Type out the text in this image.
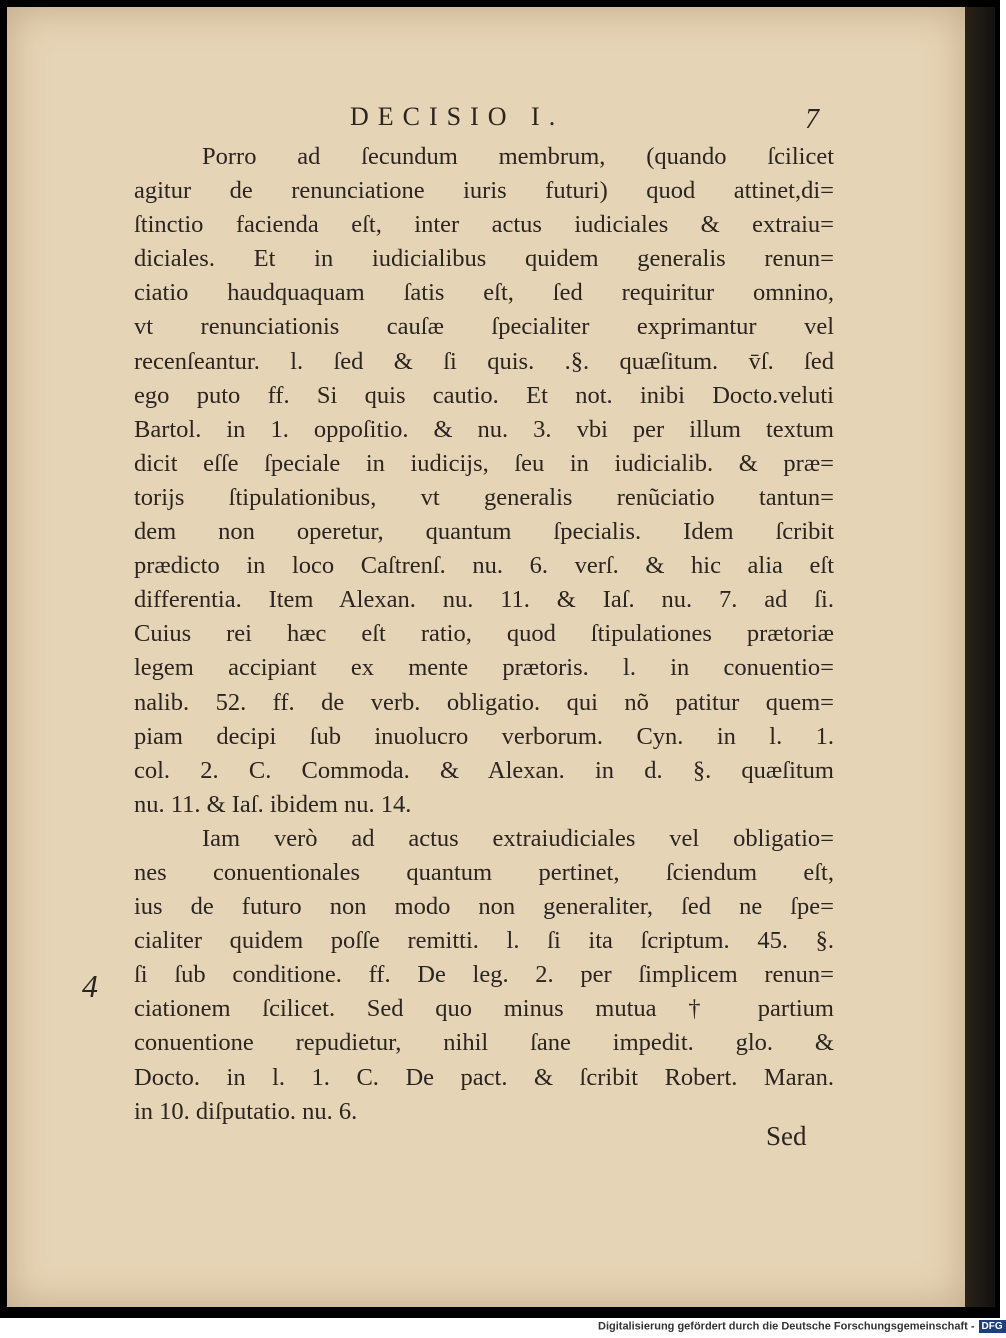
DECISIO I.	7
Porro ad ſecundum membrum, (quando ſcilicet
agitur de renunciatione iuris futuri) quod attinet,di=
ſtinctio facienda eſt, inter actus iudiciales & extraiu=
diciales. Et in iudicialibus quidem generalis renun=
ciatio haudquaquam ſatis eſt, ſed requiritur omnino,
vt renunciationis cauſæ ſpecialiter exprimantur vel
recenſeantur. l. ſed & ſi quis. .§. quæſitum. v̄ſ. ſed
ego puto ff. Si quis cautio. Et not. inibi Docto.veluti
Bartol. in 1. oppoſitio. & nu. 3. vbi per illum textum
dicit eſſe ſpeciale in iudicijs, ſeu in iudicialib. & præ=
torijs ſtipulationibus, vt generalis renũciatio tantun=
dem non operetur, quantum ſpecialis. Idem ſcribit
prædicto in loco Caſtrenſ. nu. 6. verſ. & hic alia eſt
differentia. Item Alexan. nu. 11. & Iaſ. nu. 7. ad ſi.
Cuius rei hæc eſt ratio, quod ſtipulationes prætoriæ
legem accipiant ex mente prætoris. l. in conuentio=
nalib. 52. ff. de verb. obligatio. qui nõ patitur quem=
piam decipi ſub inuolucro verborum. Cyn. in l. 1.
col. 2. C. Commoda. & Alexan. in d. §. quæſitum
nu. 11. & Iaſ. ibidem nu. 14.
Iam verò ad actus extraiudiciales vel obligatio=
nes conuentionales quantum pertinet, ſciendum eſt,
ius de futuro non modo non generaliter, ſed ne ſpe=
cialiter quidem poſſe remitti. l. ſi ita ſcriptum. 45. §.
ſi ſub conditione. ff. De leg. 2. per ſimplicem renun=
ciationem ſcilicet. Sed quo minus mutua † partium
conuentione repudietur, nihil ſane impedit. glo. &
Docto. in l. 1. C. De pact. & ſcribit Robert. Maran.
in 10. diſputatio. nu. 6.
4
Sed
Digitalisierung gefördert durch die Deutsche Forschungsgemeinschaft - DFG
